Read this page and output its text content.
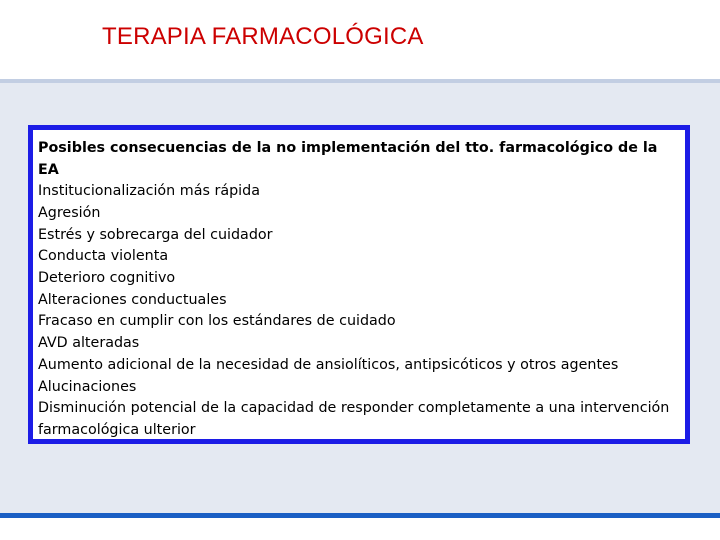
TERAPIA FARMACOLÓGICA

Posibles consecuencias de la no implementación del tto. farmacológico de la EA

Institucionalización más rápida
Agresión
Estrés y sobrecarga del cuidador
Conducta violenta
Deterioro cognitivo
Alteraciones conductuales
Fracaso en cumplir con los estándares de cuidado
AVD alteradas
Aumento adicional de la necesidad de ansiolíticos, antipsicóticos y otros agentes
Alucinaciones
Disminución potencial de la capacidad de responder completamente a una intervención farmacológica ulterior
